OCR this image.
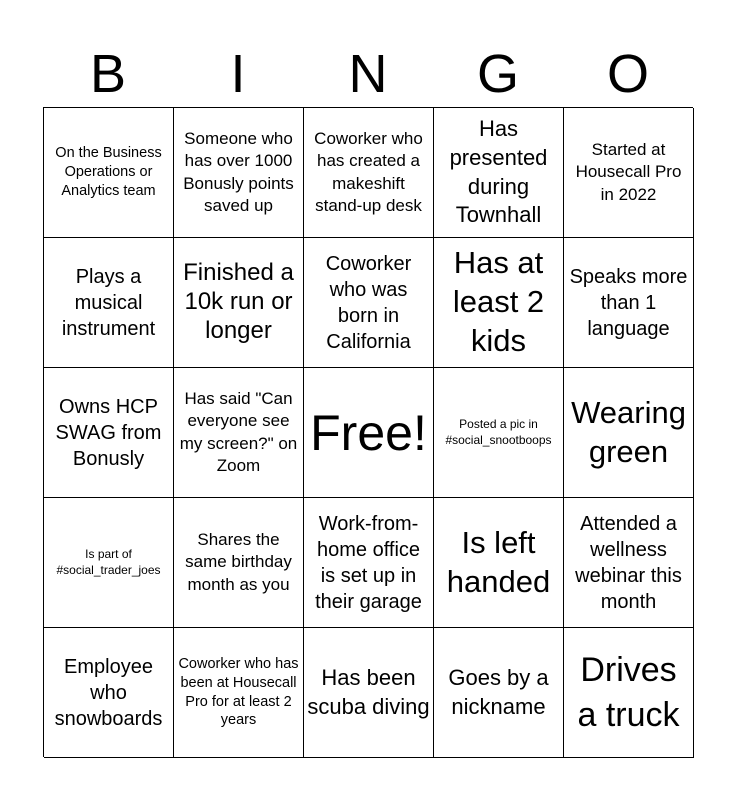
B	I	N	G	O
On the Business Operations or Analytics team
Someone who has over 1000 Bonusly points saved up
Coworker who has created a makeshift stand-up desk
Has presented during Townhall
Started at Housecall Pro in 2022
Plays a musical instrument
Finished a 10k run or longer
Coworker who was born in California
Has at least 2 kids
Speaks more than 1 language
Owns HCP SWAG from Bonusly
Has said "Can everyone see my screen?" on Zoom
Free!	Posted a pic in #social_snootboops
Wearing green
Is part of #social_trader_joes
Shares the same birthday month as you
Work-from-home office is set up in their garage
Is left handed
Attended a wellness webinar this month
Employee who snowboards
Coworker who has been at Housecall Pro for at least 2 years
Has been scuba diving
Goes by a nickname
Drives a truck
